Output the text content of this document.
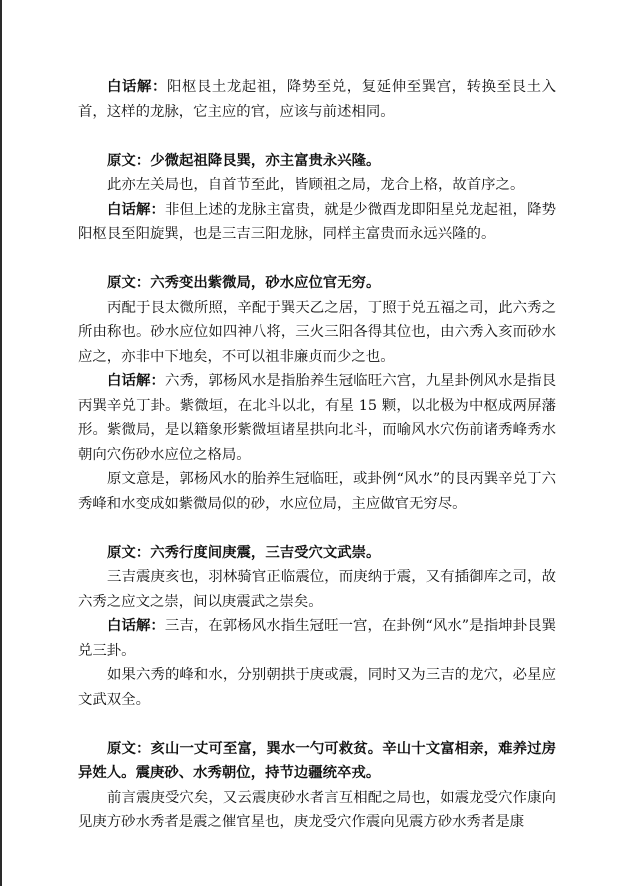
白话解：阳枢艮土龙起祖，降势至兑，复延伸至巽宫，转换至艮土入首，这样的龙脉，它主应的官，应该与前述相同。

原文：少微起祖降艮巽，亦主富贵永兴隆。

此亦左关局也，自首节至此，皆顾祖之局，龙合上格，故首序之。

白话解：非但上述的龙脉主富贵，就是少微酉龙即阳星兑龙起祖，降势阳枢艮至阳旋巽，也是三吉三阳龙脉，同样主富贵而永远兴隆的。

原文：六秀变出紫微局，砂水应位官无穷。

丙配于艮太微所照，辛配于巽天乙之居，丁照于兑五福之司，此六秀之所由称也。砂水应位如四神八将，三火三阳各得其位也，由六秀入亥而砂水应之，亦非中下地矣，不可以祖非廉贞而少之也。

白话解：六秀，郭杨风水是指胎养生冠临旺六宫，九星卦例风水是指艮丙巽辛兑丁卦。紫微垣，在北斗以北，有星 15 颗，以北极为中枢成两屏藩形。紫微局，是以籍象形紫微垣诸星拱向北斗，而喻风水穴伤前诸秀峰秀水朝向穴伤砂水应位之格局。

原文意是，郭杨风水的胎养生冠临旺，或卦例“风水”的艮丙巽辛兑丁六秀峰和水变成如紫微局似的砂，水应位局，主应做官无穷尽。

原文：六秀行度间庚震，三吉受穴文武崇。

三吉震庚亥也，羽林骑官正临震位，而庚纳于震，又有插御库之司，故六秀之应文之崇，间以庚震武之崇矣。

白话解：三吉，在郭杨风水指生冠旺一宫，在卦例“风水”是指坤卦艮巽兑三卦。

如果六秀的峰和水，分别朝拱于庚或震，同时又为三吉的龙穴，必星应文武双全。

原文：亥山一丈可至富，巽水一勺可救贫。辛山十文富相亲，难养过房异姓人。震庚砂、水秀朝位，持节边疆统卒戎。

前言震庚受穴矣，又云震庚砂水者言互相配之局也，如震龙受穴作康向见庚方砂水秀者是震之催官星也，庚龙受穴作震向见震方砂水秀者是康
